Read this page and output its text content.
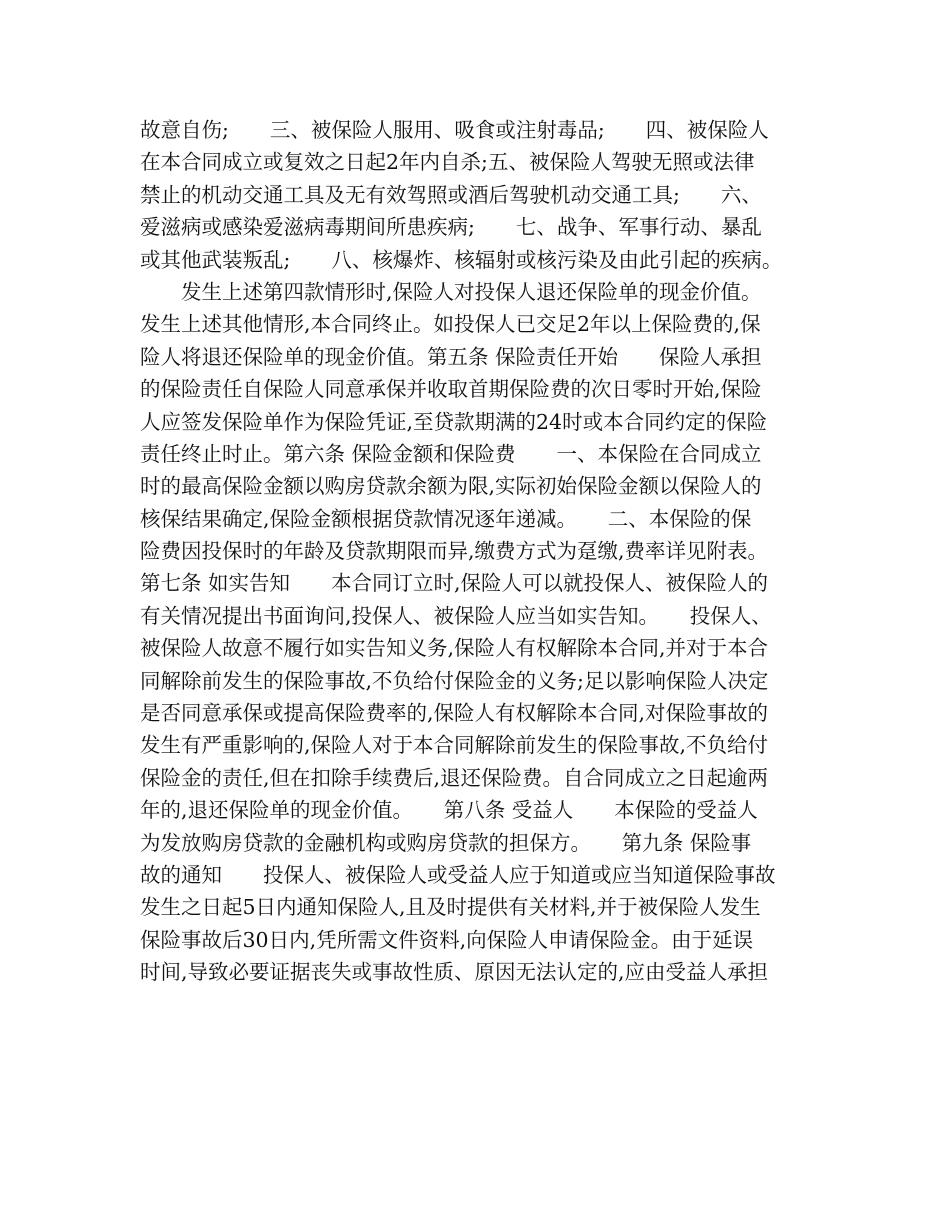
故意自伤;　　三、被保险人服用、吸食或注射毒品;　　四、被保险人
在本合同成立或复效之日起2年内自杀;五、被保险人驾驶无照或法律
禁止的机动交通工具及无有效驾照或酒后驾驶机动交通工具;　　六、
爱滋病或感染爱滋病毒期间所患疾病;　　七、战争、军事行动、暴乱
或其他武装叛乱;　　八、核爆炸、核辐射或核污染及由此引起的疾病。
　　发生上述第四款情形时,保险人对投保人退还保险单的现金价值。
发生上述其他情形,本合同终止。如投保人已交足2年以上保险费的,保
险人将退还保险单的现金价值。第五条 保险责任开始　　保险人承担
的保险责任自保险人同意承保并收取首期保险费的次日零时开始,保险
人应签发保险单作为保险凭证,至贷款期满的24时或本合同约定的保险
责任终止时止。第六条 保险金额和保险费　　一、本保险在合同成立
时的最高保险金额以购房贷款余额为限,实际初始保险金额以保险人的
核保结果确定,保险金额根据贷款情况逐年递减。　　二、本保险的保
险费因投保时的年龄及贷款期限而异,缴费方式为趸缴,费率详见附表。
第七条 如实告知　　本合同订立时,保险人可以就投保人、被保险人的
有关情况提出书面询问,投保人、被保险人应当如实告知。　　投保人、
被保险人故意不履行如实告知义务,保险人有权解除本合同,并对于本合
同解除前发生的保险事故,不负给付保险金的义务;足以影响保险人决定
是否同意承保或提高保险费率的,保险人有权解除本合同,对保险事故的
发生有严重影响的,保险人对于本合同解除前发生的保险事故,不负给付
保险金的责任,但在扣除手续费后,退还保险费。自合同成立之日起逾两
年的,退还保险单的现金价值。　　第八条 受益人　　本保险的受益人
为发放购房贷款的金融机构或购房贷款的担保方。　　第九条 保险事
故的通知　　投保人、被保险人或受益人应于知道或应当知道保险事故
发生之日起5日内通知保险人,且及时提供有关材料,并于被保险人发生
保险事故后30日内,凭所需文件资料,向保险人申请保险金。由于延误
时间,导致必要证据丧失或事故性质、原因无法认定的,应由受益人承担
